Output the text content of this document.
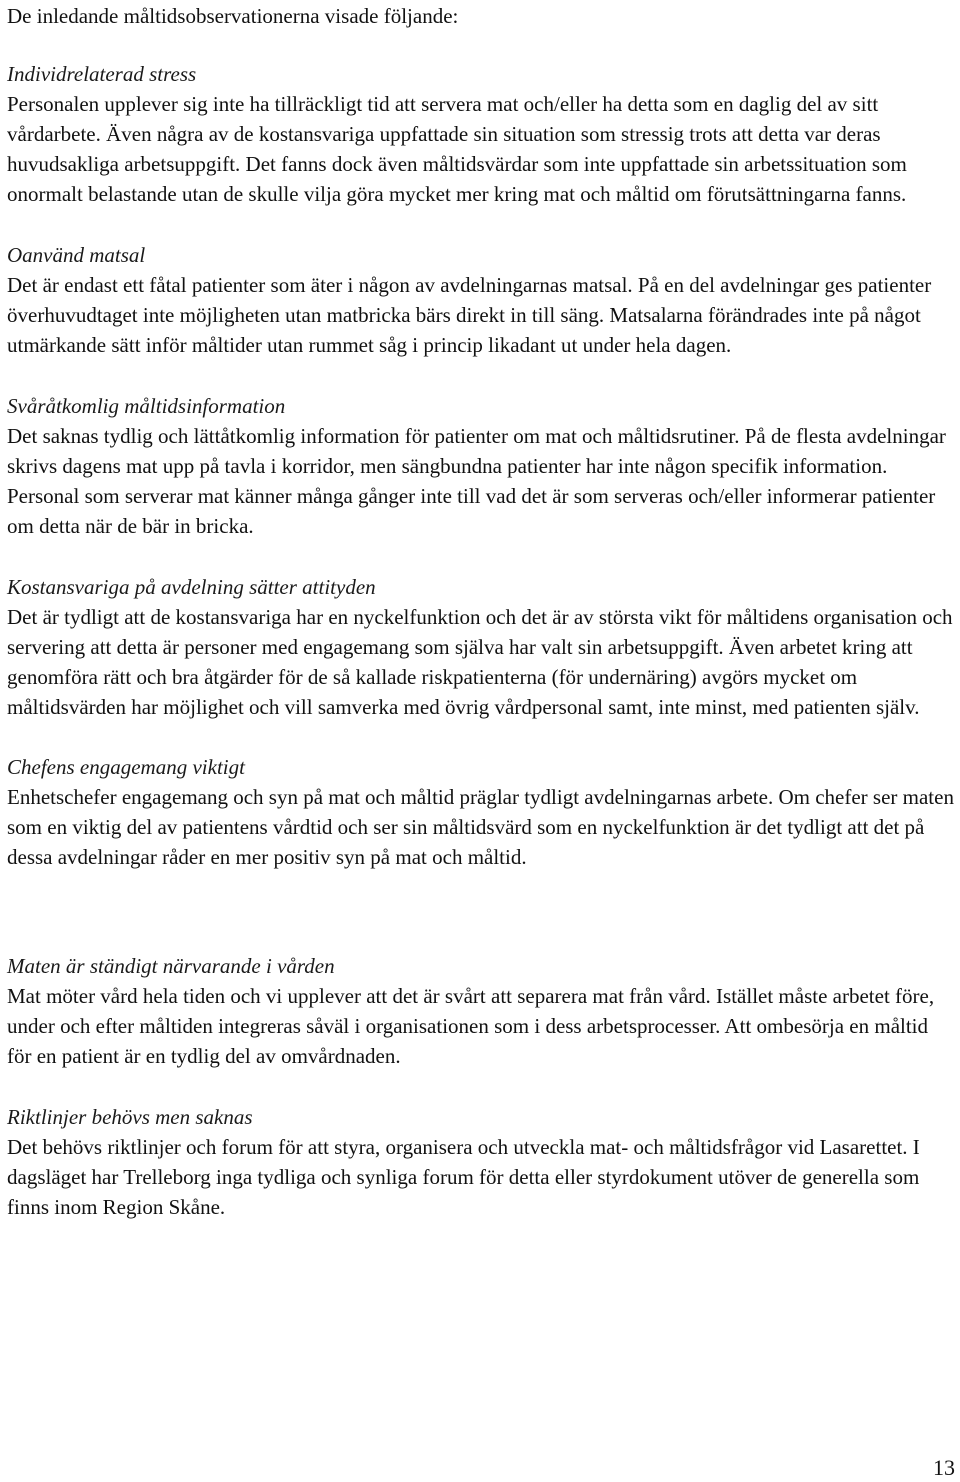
De inledande måltidsobservationerna visade följande:

Individrelaterad stress

Personalen upplever sig inte ha tillräckligt tid att servera mat och/eller ha detta som en daglig del av sitt vårdarbete. Även några av de kostansvariga uppfattade sin situation som stressig trots att detta var deras huvudsakliga arbetsuppgift. Det fanns dock även måltidsvärdar som inte uppfattade sin arbetssituation som onormalt belastande utan de skulle vilja göra mycket mer kring mat och måltid om förutsättningarna fanns.

Oanvänd matsal

Det är endast ett fåtal patienter som äter i någon av avdelningarnas matsal. På en del avdelningar ges patienter överhuvudtaget inte möjligheten utan matbricka bärs direkt in till säng. Matsalarna förändrades inte på något utmärkande sätt inför måltider utan rummet såg i princip likadant ut under hela dagen.

Svåråtkomlig måltidsinformation

Det saknas tydlig och lättåtkomlig information för patienter om mat och måltidsrutiner. På de flesta avdelningar skrivs dagens mat upp på tavla i korridor, men sängbundna patienter har inte någon specifik information. Personal som serverar mat känner många gånger inte till vad det är som serveras och/eller informerar patienter om detta när de bär in bricka.

Kostansvariga på avdelning sätter attityden

Det är tydligt att de kostansvariga har en nyckelfunktion och det är av största vikt för måltidens organisation och servering att detta är personer med engagemang som själva har valt sin arbetsuppgift. Även arbetet kring att genomföra rätt och bra åtgärder för de så kallade riskpatienterna (för undernäring) avgörs mycket om måltidsvärden har möjlighet och vill samverka med övrig vårdpersonal samt, inte minst, med patienten själv.

Chefens engagemang viktigt

Enhetschefer engagemang och syn på mat och måltid präglar tydligt avdelningarnas arbete. Om chefer ser maten som en viktig del av patientens vårdtid och ser sin måltidsvärd som en nyckelfunktion är det tydligt att det på dessa avdelningar råder en mer positiv syn på mat och måltid.

Maten är ständigt närvarande i vården

Mat möter vård hela tiden och vi upplever att det är svårt att separera mat från vård. Istället måste arbetet före, under och efter måltiden integreras såväl i organisationen som i dess arbetsprocesser. Att ombesörja en måltid för en patient är en tydlig del av omvårdnaden.

Riktlinjer behövs men saknas

Det behövs riktlinjer och forum för att styra, organisera och utveckla mat- och måltidsfrågor vid Lasarettet. I dagsläget har Trelleborg inga tydliga och synliga forum för detta eller styrdokument utöver de generella som finns inom Region Skåne.

13
